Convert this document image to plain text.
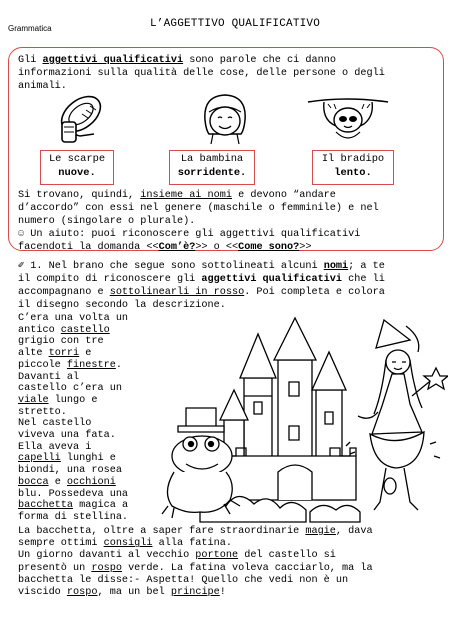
Grammatica	L’AGGETTIVO QUALIFICATIVO
Gli aggettivi qualificativi sono parole che ci danno
informazioni sulla qualità delle cose, delle persone o degli
animali.
Le scarpe
nuove.
La bambina
sorridente.
Il bradipo
lento.
Si trovano, quindi, insieme ai nomi e devono “andare
d’accordo” con essi nel genere (maschile o femminile) e nel
numero (singolare o plurale).
☺ Un aiuto: puoi riconoscere gli aggettivi qualificativi
facendoti la domanda <<Com’è?>> o <<Come sono?>>
✐ 1. Nel brano che segue sono sottolineati alcuni nomi; a te
il compito di riconoscere gli aggettivi qualificativi che li
accompagnano e sottolinearli in rosso. Poi completa e colora
il disegno secondo la descrizione.
C’era una volta un
antico castello
grigio con tre
alte torri e
piccole finestre.
Davanti al
castello c’era un
viale lungo e
stretto.
Nel castello
viveva una fata.
Ella aveva i
capelli lunghi e
biondi, una rosea
bocca e occhioni
blu. Possedeva una
bacchetta magica a
forma di stellina.
La bacchetta, oltre a saper fare straordinarie magie, dava
sempre ottimi consigli alla fatina.
Un giorno davanti al vecchio portone del castello si
presentò un rospo verde. La fatina voleva cacciarlo, ma la
bacchetta le disse:- Aspetta! Quello che vedi non è un
viscido rospo, ma un bel principe!
